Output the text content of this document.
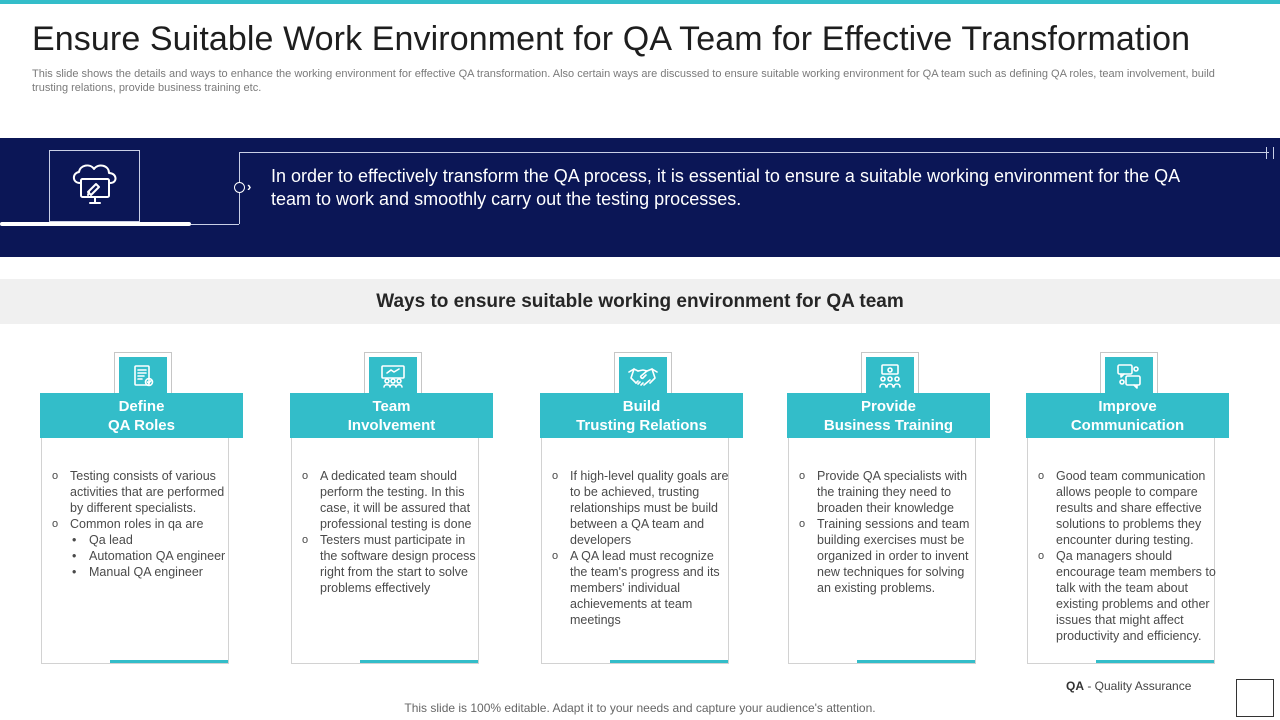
Ensure Suitable Work Environment for QA Team for Effective Transformation

This slide shows the details and ways to enhance the working environment for effective QA transformation. Also certain ways are discussed to ensure suitable working environment for QA team such as defining QA roles, team involvement, build trusting relations, provide business training etc.

›

In order to effectively transform the QA process, it is essential to ensure a suitable working environment for the QA team to work and smoothly carry out the testing processes.

Ways to ensure suitable working environment for QA team
Define
QA Roles
o Testing consists of various activities that are performed by different specialists.
o Common roles in qa are
• Qa lead
• Automation QA engineer
• Manual QA engineer
Team
Involvement
o A dedicated team should perform the testing. In this case, it will be assured that professional testing is done
o Testers must participate in the software design process right from the start to solve problems effectively
Build
Trusting Relations
o If high-level quality goals are to be achieved, trusting relationships must be build between a QA team and developers
o A QA lead must recognize the team's progress and its members' individual achievements at team meetings
Provide
Business Training
o Provide QA specialists with the training they need to broaden their knowledge
o Training sessions and team building exercises must be organized in order to invent new techniques for solving an existing problems.
Improve
Communication
o Good team communication allows people to compare results and share effective solutions to problems they encounter during testing.
o Qa managers should encourage team members to talk with the team about existing problems and other issues that might affect productivity and efficiency.
QA - Quality Assurance

This slide is 100% editable. Adapt it to your needs and capture your audience's attention.
